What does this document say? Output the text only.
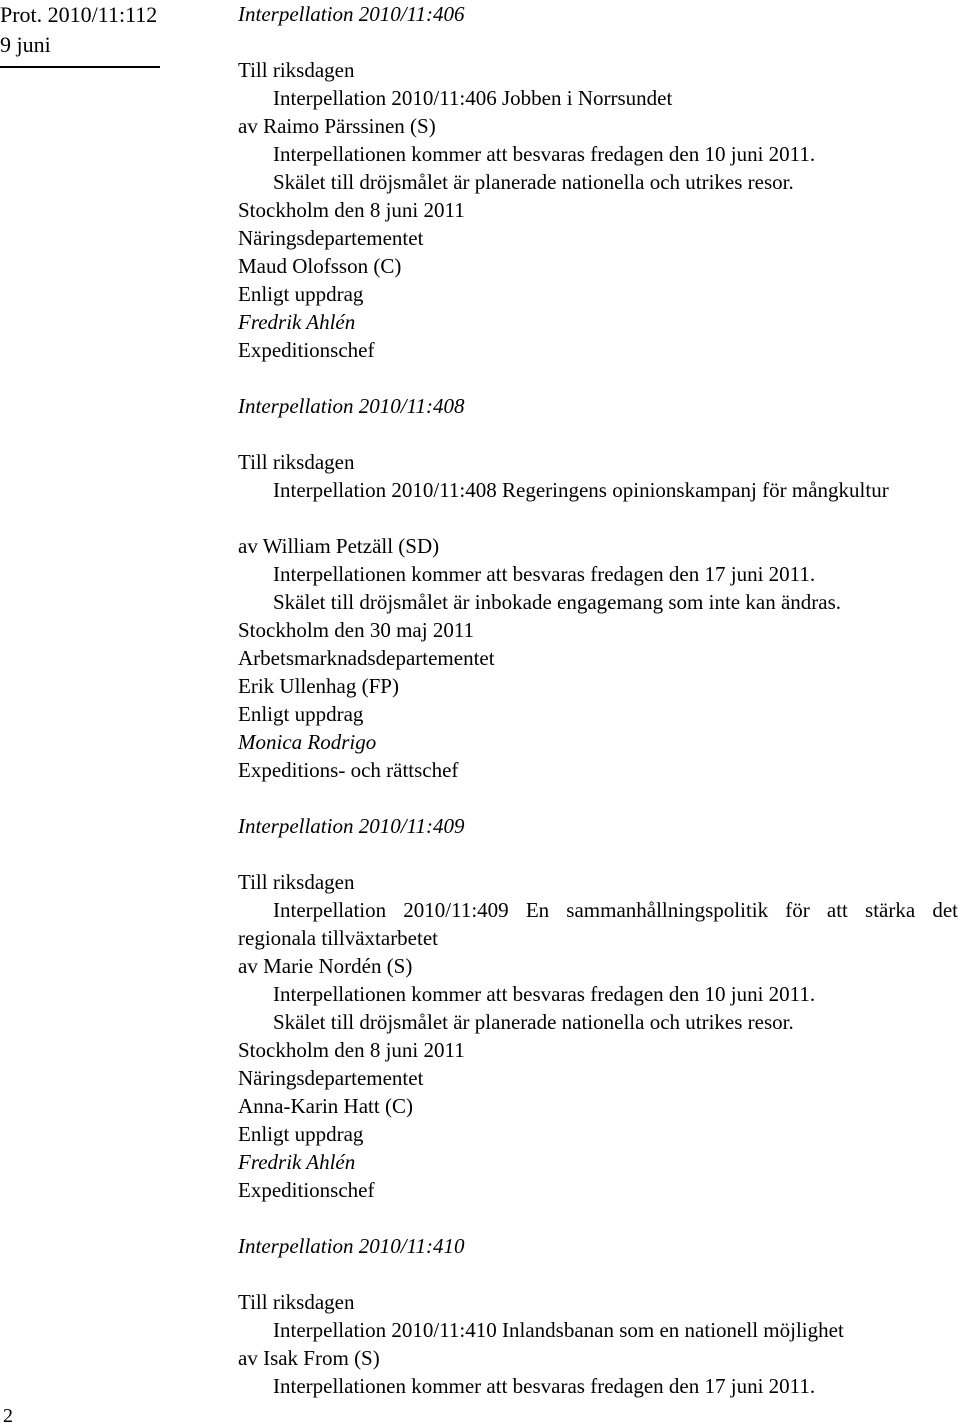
Prot. 2010/11:112
9 juni
2
Interpellation 2010/11:406
Till riksdagen
Interpellation 2010/11:406 Jobben i Norrsundet
av Raimo Pärssinen (S)
Interpellationen kommer att besvaras fredagen den 10 juni 2011.
Skälet till dröjsmålet är planerade nationella och utrikes resor.
Stockholm den 8 juni 2011
Näringsdepartementet
Maud Olofsson (C)
Enligt uppdrag
Fredrik Ahlén
Expeditionschef
Interpellation 2010/11:408
Till riksdagen
Interpellation 2010/11:408 Regeringens opinionskampanj för mångkultur
av William Petzäll (SD)
Interpellationen kommer att besvaras fredagen den 17 juni 2011.
Skälet till dröjsmålet är inbokade engagemang som inte kan ändras.
Stockholm den 30 maj 2011
Arbetsmarknadsdepartementet
Erik Ullenhag (FP)
Enligt uppdrag
Monica Rodrigo
Expeditions- och rättschef
Interpellation 2010/11:409
Till riksdagen
Interpellation 2010/11:409 En sammanhållningspolitik för att stärka det regionala tillväxtarbetet
av Marie Nordén (S)
Interpellationen kommer att besvaras fredagen den 10 juni 2011.
Skälet till dröjsmålet är planerade nationella och utrikes resor.
Stockholm den 8 juni 2011
Näringsdepartementet
Anna-Karin Hatt (C)
Enligt uppdrag
Fredrik Ahlén
Expeditionschef
Interpellation 2010/11:410
Till riksdagen
Interpellation 2010/11:410 Inlandsbanan som en nationell möjlighet
av Isak From (S)
Interpellationen kommer att besvaras fredagen den 17 juni 2011.
